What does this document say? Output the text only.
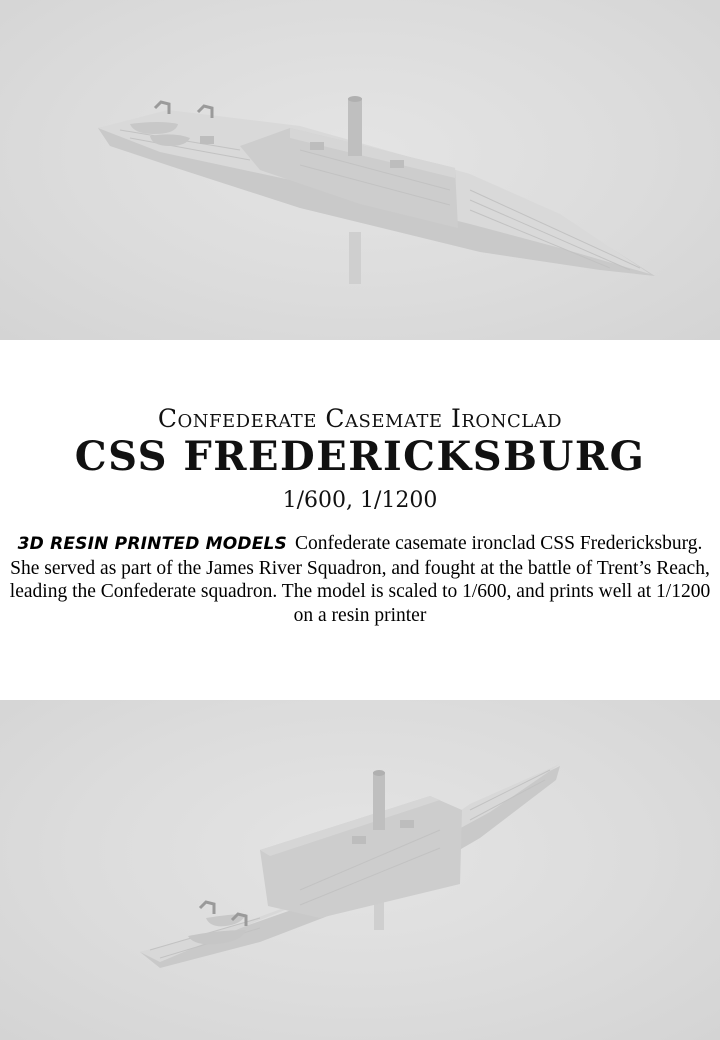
Confederate Casemate Ironclad
CSS FREDERICKSBURG
1/600, 1/1200
3D RESIN PRINTED MODELS Confederate casemate ironclad CSS Fredericksburg. She served as part of the James River Squadron, and fought at the battle of Trent’s Reach, leading the Confederate squadron. The model is scaled to 1/600, and prints well at 1/1200 on a resin printer
